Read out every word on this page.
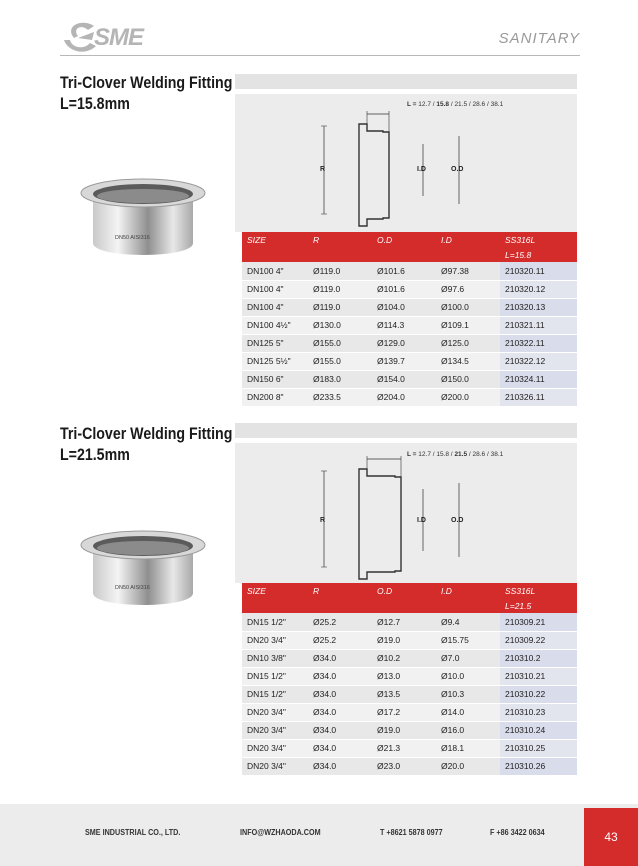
SME	SANITARY
Tri-Clover Welding Fitting
L=15.8mm
DN50 AISI316
R	I.D	O.D
L = 12.7 / 15.8 / 21.5 / 28.6 / 38.1
SIZE	R	O.D	I.D	SS316L
				L=15.8
DN100 4"	Ø119.0	Ø101.6	Ø97.38	210320.11
DN100 4"	Ø119.0	Ø101.6	Ø97.6	210320.12
DN100 4"	Ø119.0	Ø104.0	Ø100.0	210320.13
DN100 4½"	Ø130.0	Ø114.3	Ø109.1	210321.11
DN125 5"	Ø155.0	Ø129.0	Ø125.0	210322.11
DN125 5½"	Ø155.0	Ø139.7	Ø134.5	210322.12
DN150 6"	Ø183.0	Ø154.0	Ø150.0	210324.11
DN200 8"	Ø233.5	Ø204.0	Ø200.0	210326.11
Tri-Clover Welding Fitting
L=21.5mm
DN50 AISI316
R	I.D	O.D
L = 12.7 / 15.8 / 21.5 / 28.6 / 38.1
SIZE	R	O.D	I.D	SS316L
				L=21.5
DN15 1/2"	Ø25.2	Ø12.7	Ø9.4	210309.21
DN20 3/4"	Ø25.2	Ø19.0	Ø15.75	210309.22
DN10 3/8"	Ø34.0	Ø10.2	Ø7.0	210310.2
DN15 1/2"	Ø34.0	Ø13.0	Ø10.0	210310.21
DN15 1/2"	Ø34.0	Ø13.5	Ø10.3	210310.22
DN20 3/4"	Ø34.0	Ø17.2	Ø14.0	210310.23
DN20 3/4"	Ø34.0	Ø19.0	Ø16.0	210310.24
DN20 3/4"	Ø34.0	Ø21.3	Ø18.1	210310.25
DN20 3/4"	Ø34.0	Ø23.0	Ø20.0	210310.26
SME INDUSTRIAL CO., LTD.	INFO@WZHAODA.COM	T +8621 5878 0977	F +86 3422 0634	43
